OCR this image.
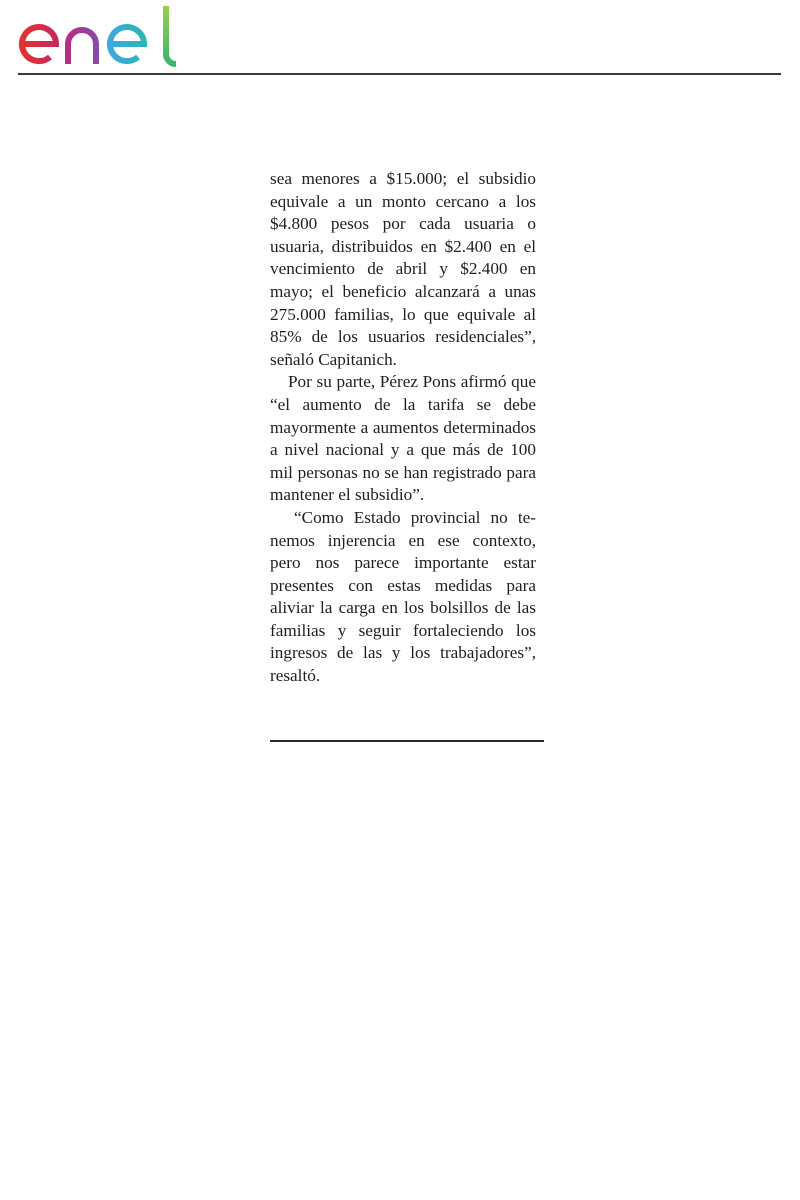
sea menores a $15.000; el subsidio equivale a un monto cercano a los $4.800 pesos por cada usuaria o usuaria, distribuidos en $2.400 en el vencimiento de abril y $2.400 en mayo; el beneficio alcanzará a unas 275.000 familias, lo que equivale al 85% de los usuarios residenciales”, señaló Capitanich.

Por su parte, Pérez Pons afirmó que “el aumento de la tarifa se debe mayormente a aumentos determinados a nivel nacional y a que más de 100 mil personas no se han registrado para mantener el subsidio”.

“Como Estado provincial no tenemos injerencia en ese contexto, pero nos parece importante estar presentes con estas medidas para aliviar la carga en los bolsillos de las familias y seguir fortaleciendo los ingresos de las y los trabajadores”, resaltó.
